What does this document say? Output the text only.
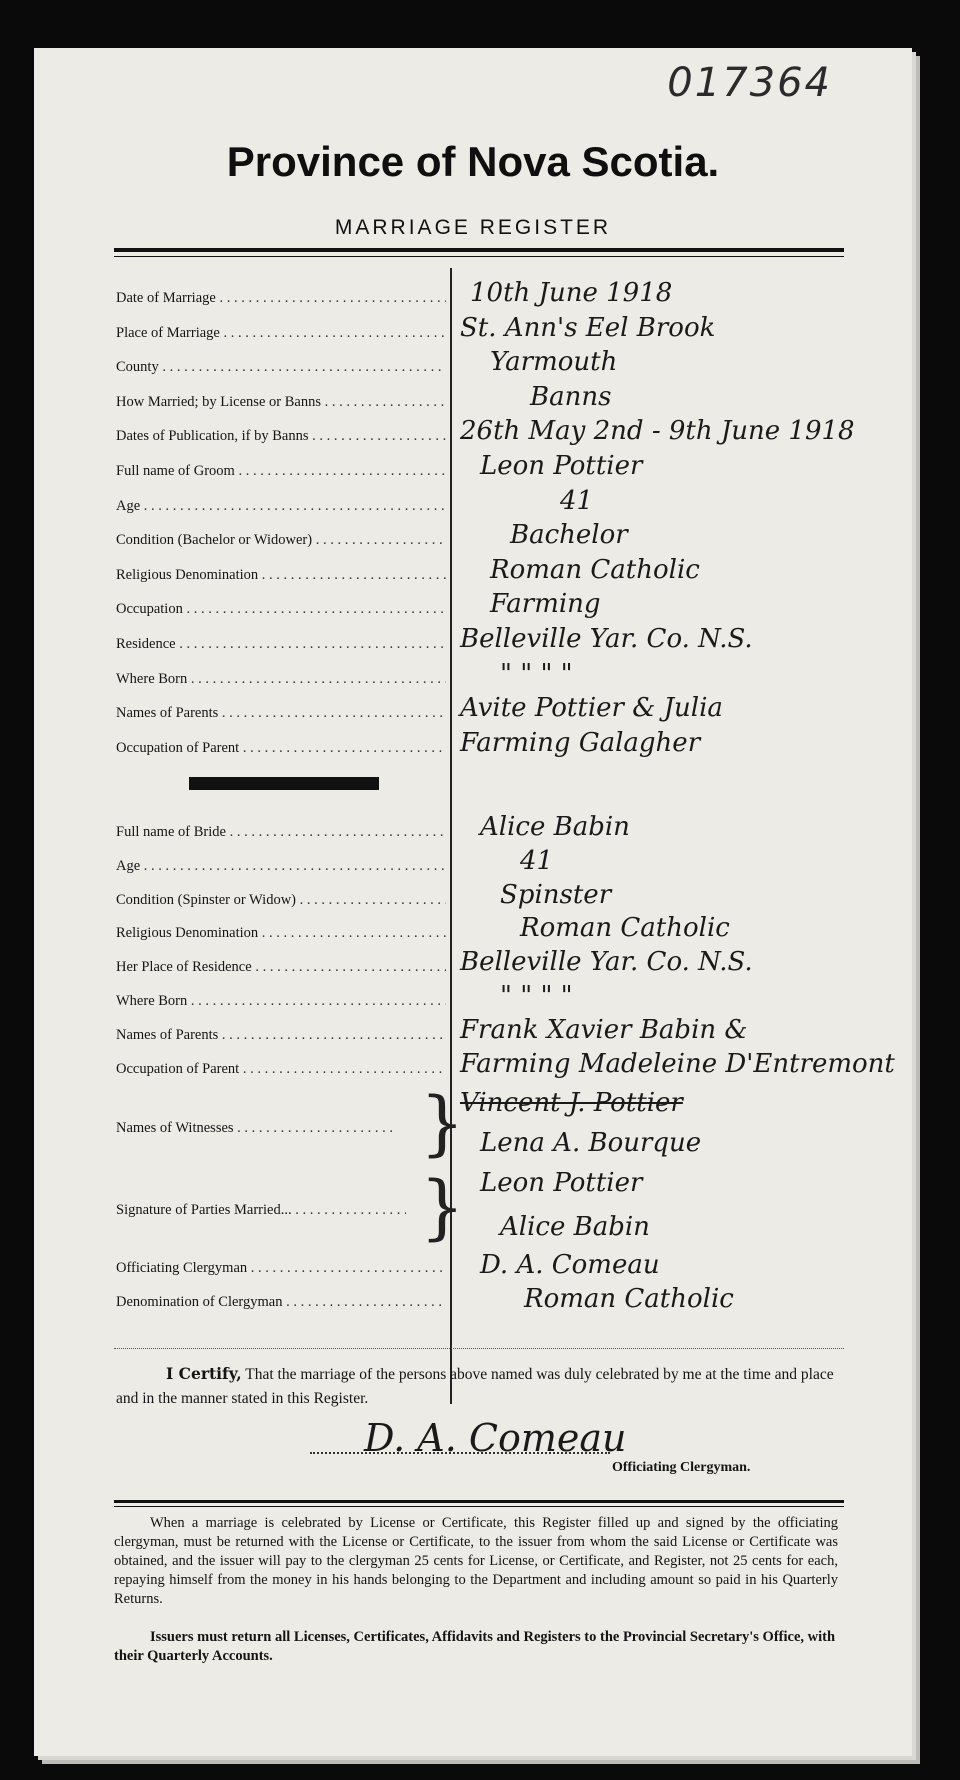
017364
Province of Nova Scotia.
MARRIAGE REGISTER
Date of Marriage . . .	10th June 1918
Place of Marriage . . .	St. Ann's Eel Brook
County . . .	Yarmouth
How Married; by License or Banns . . .	Banns
Dates of Publication, if by Banns . . .	26th May 2nd - 9th June 1918
Full name of Groom . . .	Leon Pottier
Age . . .	41
Condition (Bachelor or Widower) . . .	Bachelor
Religious Denomination . . .	Roman Catholic
Occupation . . .	Farming
Residence . . .	Belleville Yar. Co. N.S.
Where Born . . .	" " " "
Names of Parents . . .	Avite Pottier & Julia
Occupation of Parent . . .	Farming Galagher
Full name of Bride . . .	Alice Babin
Age . . .	41
Condition (Spinster or Widow) . . .	Spinster
Religious Denomination . . .	Roman Catholic
Her Place of Residence . . .	Belleville Yar. Co. N.S.
Where Born . . .	" " " "
Names of Parents . . .	Frank Xavier Babin &
Occupation of Parent . . .	Farming Madeleine D'Entremont
Names of Witnesses . . .	}
Vincent J. Pottier
Lena A. Bourque
Signature of Parties Married... . . .	} Leon Pottier
Alice Babin
Officiating Clergyman . . .	D. A. Comeau
Denomination of Clergyman . . .	Roman Catholic
I Certify, That the marriage of the persons above named was duly celebrated by me at the time and place and in the manner stated in this Register.
D. A. Comeau
Officiating Clergyman.
When a marriage is celebrated by License or Certificate, this Register filled up and signed by the officiating clergyman, must be returned with the License or Certificate, to the issuer from whom the said License or Certificate was obtained, and the issuer will pay to the clergyman 25 cents for License, or Certificate, and Register, not 25 cents for each, repaying himself from the money in his hands belonging to the Department and including amount so paid in his Quarterly Returns.
Issuers must return all Licenses, Certificates, Affidavits and Registers to the Provincial Secretary's Office, with their Quarterly Accounts.
